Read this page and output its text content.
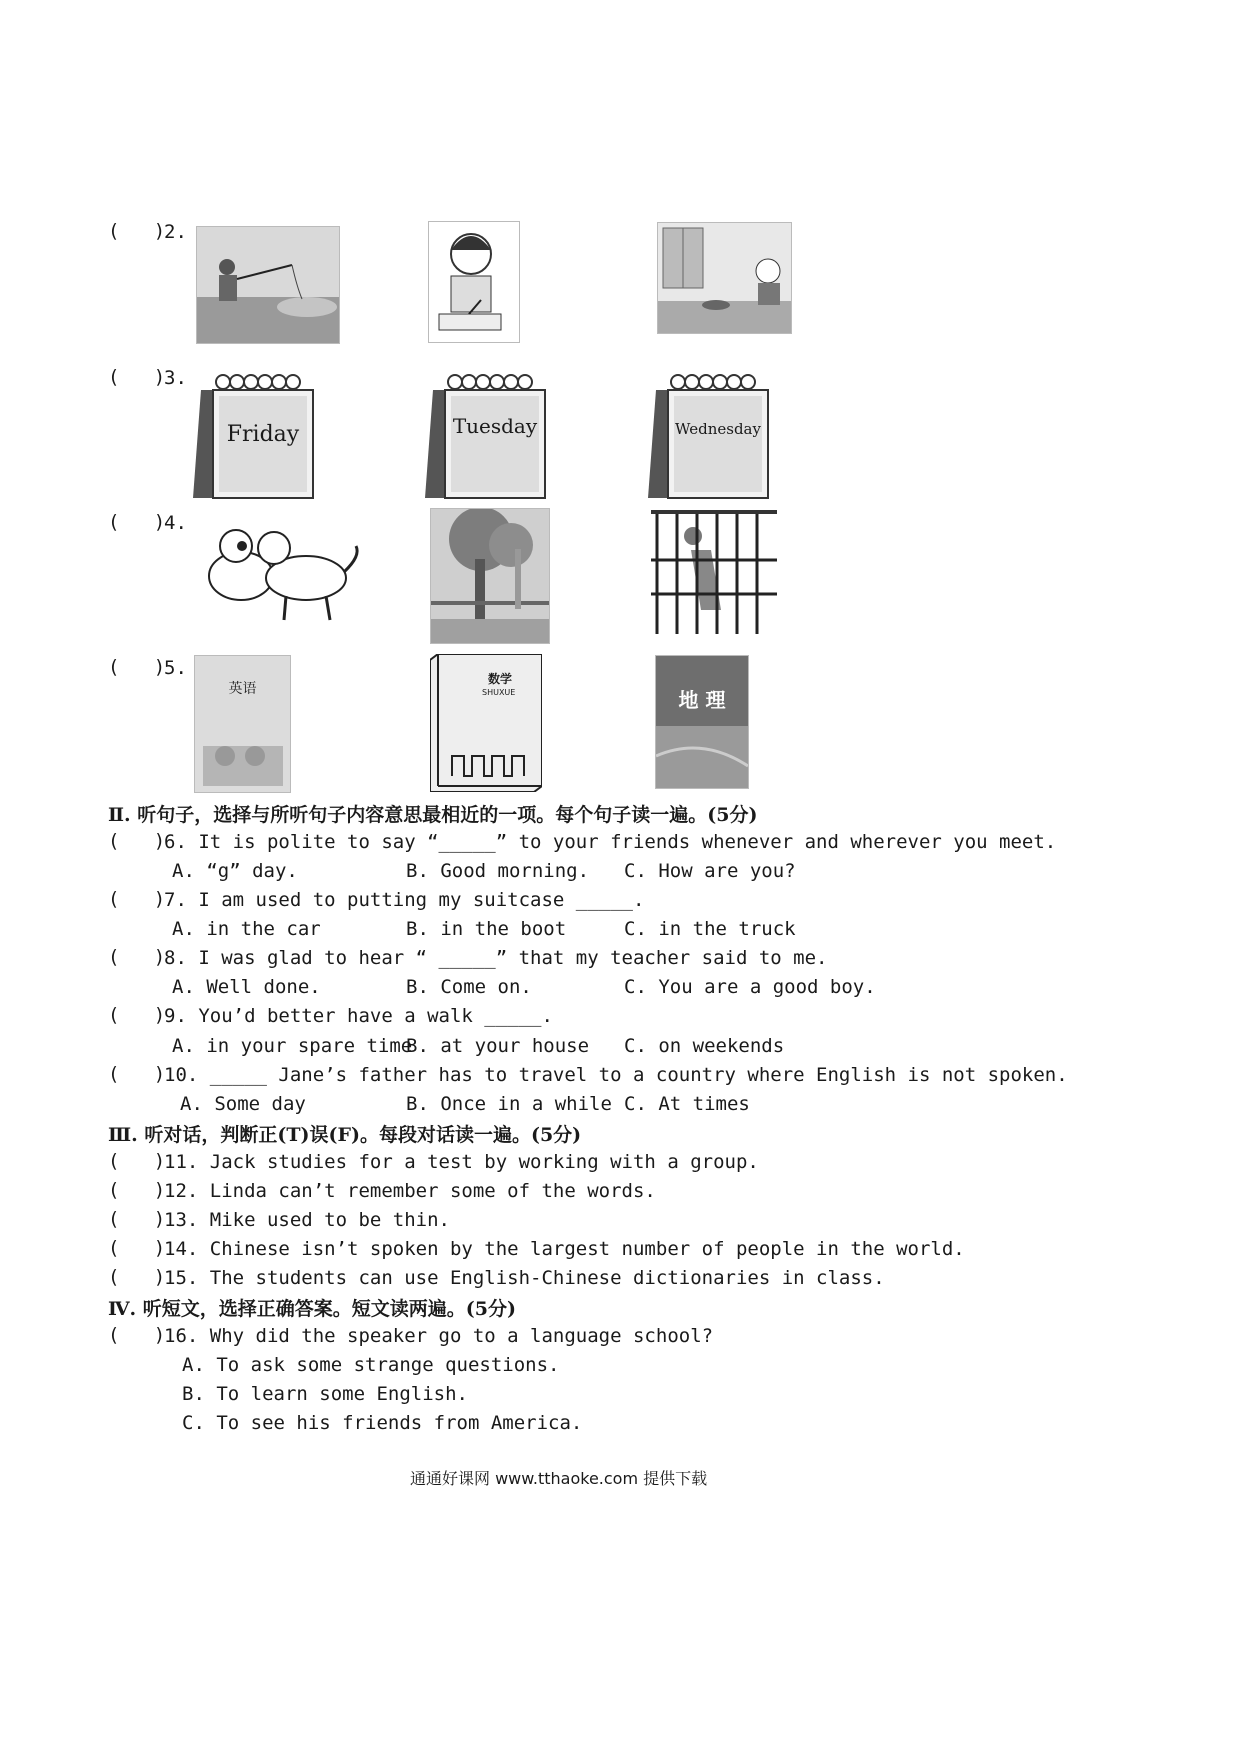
(   )
2.
(   )
3.
Friday	Tuesday	Wednesday
(   )
4.
(   )
5.
英语
数学
SHUXUE	地 理
Ⅱ. 听句子，选择与所听句子内容意思最相近的一项。每个句子读一遍。(5分)
(   )
6. It is polite to say “_____” to your friends whenever and wherever you meet.
A. “g” day.	B. Good morning. C. How are you?
(   )
7. I am used to putting my suitcase _____.
A. in the car	B. in the boot	C. in the truck
(   )
8. I was glad to hear “ _____” that my teacher said to me.
A. Well done.	B. Come on.	C. You are a good boy.
(   )
9. You’d better have a walk _____.
A. in your spare time
B. at your house C. on weekends
(   )
10. _____ Jane’s father has to travel to a country where English is not spoken.
A. Some day	B. Once in a while C. At times
Ⅲ. 听对话，判断正(T)误(F)。每段对话读一遍。(5分)
(   )
11. Jack studies for a test by working with a group.
(   )
12. Linda can’t remember some of the words.
(   )
13. Mike used to be thin.
(   )
14. Chinese isn’t spoken by the largest number of people in the world.
(   )
15. The students can use English-Chinese dictionaries in class.
Ⅳ. 听短文，选择正确答案。短文读两遍。(5分)
(   )
16. Why did the speaker go to a language school?
A. To ask some strange questions.
B. To learn some English.
C. To see his friends from America.
通通好课网 www.tthaoke.com 提供下载
